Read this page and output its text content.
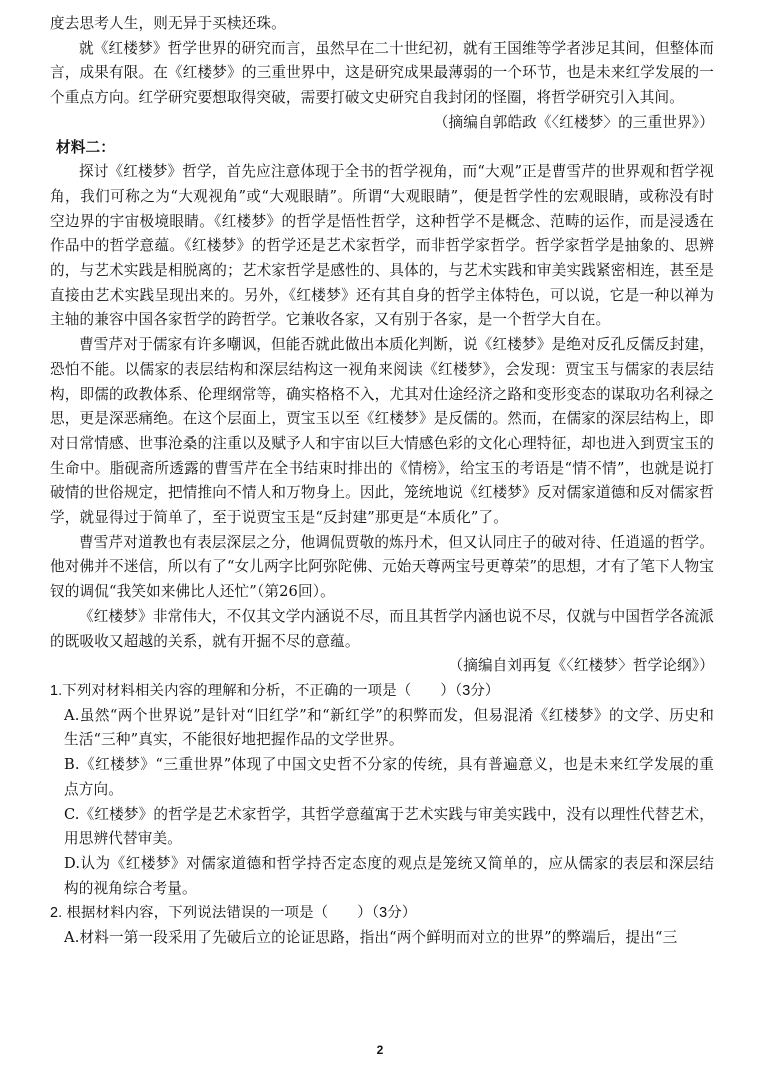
度去思考人生，则无异于买椟还珠。

就《红楼梦》哲学世界的研究而言，虽然早在二十世纪初，就有王国维等学者涉足其间，但整体而言，成果有限。在《红楼梦》的三重世界中，这是研究成果最薄弱的一个环节，也是未来红学发展的一个重点方向。红学研究要想取得突破，需要打破文史研究自我封闭的怪圈，将哲学研究引入其间。

（摘编自郭皓政《〈红楼梦〉的三重世界》）

材料二：

探讨《红楼梦》哲学，首先应注意体现于全书的哲学视角，而“大观”正是曹雪芹的世界观和哲学视角，我们可称之为“大观视角”或“大观眼睛”。所谓“大观眼睛”，便是哲学性的宏观眼睛，或称没有时空边界的宇宙极境眼睛。《红楼梦》的哲学是悟性哲学，这种哲学不是概念、范畴的运作，而是浸透在作品中的哲学意蕴。《红楼梦》的哲学还是艺术家哲学，而非哲学家哲学。哲学家哲学是抽象的、思辨的，与艺术实践是相脱离的；艺术家哲学是感性的、具体的，与艺术实践和审美实践紧密相连，甚至是直接由艺术实践呈现出来的。另外，《红楼梦》还有其自身的哲学主体特色，可以说，它是一种以禅为主轴的兼容中国各家哲学的跨哲学。它兼收各家，又有别于各家，是一个哲学大自在。

曹雪芹对于儒家有许多嘲讽，但能否就此做出本质化判断，说《红楼梦》是绝对反孔反儒反封建，恐怕不能。以儒家的表层结构和深层结构这一视角来阅读《红楼梦》，会发现：贾宝玉与儒家的表层结构，即儒的政教体系、伦理纲常等，确实格格不入，尤其对仕途经济之路和变形变态的谋取功名利禄之思，更是深恶痛绝。在这个层面上，贾宝玉以至《红楼梦》是反儒的。然而，在儒家的深层结构上，即对日常情感、世事沧桑的注重以及赋予人和宇宙以巨大情感色彩的文化心理特征，却也进入到贾宝玉的生命中。脂砚斋所透露的曹雪芹在全书结束时排出的《情榜》，给宝玉的考语是“情不情”，也就是说打破情的世俗规定，把情推向不情人和万物身上。因此，笼统地说《红楼梦》反对儒家道德和反对儒家哲学，就显得过于简单了，至于说贾宝玉是“反封建”那更是“本质化”了。

曹雪芹对道教也有表层深层之分，他调侃贾敬的炼丹术，但又认同庄子的破对待、任逍遥的哲学。他对佛并不迷信，所以有了“女儿两字比阿弥陀佛、元始天尊两宝号更尊荣”的思想，才有了笔下人物宝钗的调侃“我笑如来佛比人还忙”（第26回）。

《红楼梦》非常伟大，不仅其文学内涵说不尽，而且其哲学内涵也说不尽，仅就与中国哲学各流派的既吸收又超越的关系，就有开掘不尽的意蕴。

（摘编自刘再复《〈红楼梦〉哲学论纲》）

1.下列对材料相关内容的理解和分析，不正确的一项是（　　）（3分）

A.虽然“两个世界说”是针对“旧红学”和“新红学”的积弊而发，但易混淆《红楼梦》的文学、历史和生活“三种”真实，不能很好地把握作品的文学世界。

B.《红楼梦》“三重世界”体现了中国文史哲不分家的传统，具有普遍意义，也是未来红学发展的重点方向。

C.《红楼梦》的哲学是艺术家哲学，其哲学意蕴寓于艺术实践与审美实践中，没有以理性代替艺术，用思辨代替审美。

D.认为《红楼梦》对儒家道德和哲学持否定态度的观点是笼统又简单的，应从儒家的表层和深层结构的视角综合考量。

2. 根据材料内容，下列说法错误的一项是（　　）（3分）

A.材料一第一段采用了先破后立的论证思路，指出“两个鲜明而对立的世界”的弊端后，提出“三

2
